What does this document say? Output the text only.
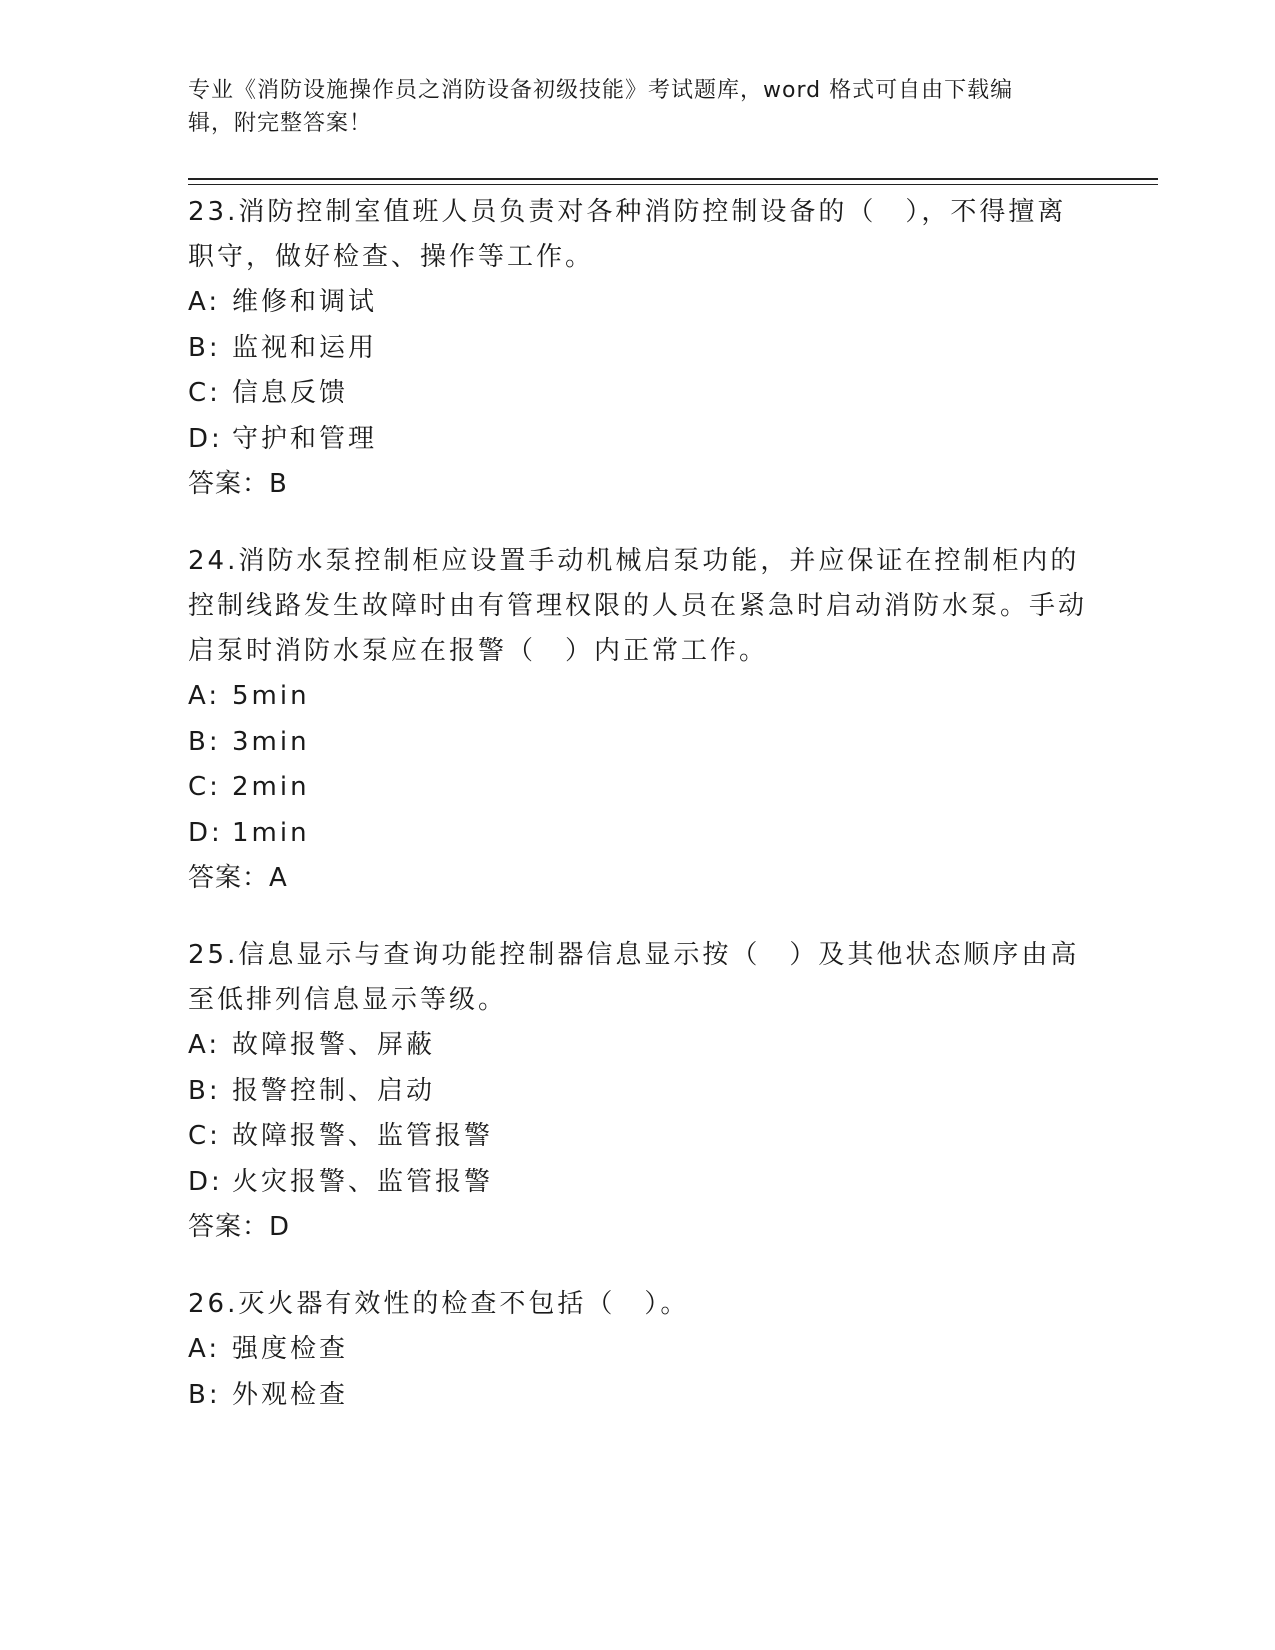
专业《消防设施操作员之消防设备初级技能》考试题库，word 格式可自由下载编
辑，附完整答案！

23.消防控制室值班人员负责对各种消防控制设备的（　），不得擅离职守，做好检查、操作等工作。

A: 维修和调试
B: 监视和运用
C: 信息反馈
D: 守护和管理
答案：B

24.消防水泵控制柜应设置手动机械启泵功能，并应保证在控制柜内的控制线路发生故障时由有管理权限的人员在紧急时启动消防水泵。手动启泵时消防水泵应在报警（　）内正常工作。

A: 5min
B: 3min
C: 2min
D: 1min
答案：A

25.信息显示与查询功能控制器信息显示按（　）及其他状态顺序由高至低排列信息显示等级。

A: 故障报警、屏蔽
B: 报警控制、启动
C: 故障报警、监管报警
D: 火灾报警、监管报警
答案：D

26.灭火器有效性的检查不包括（　）。

A: 强度检查
B: 外观检查
